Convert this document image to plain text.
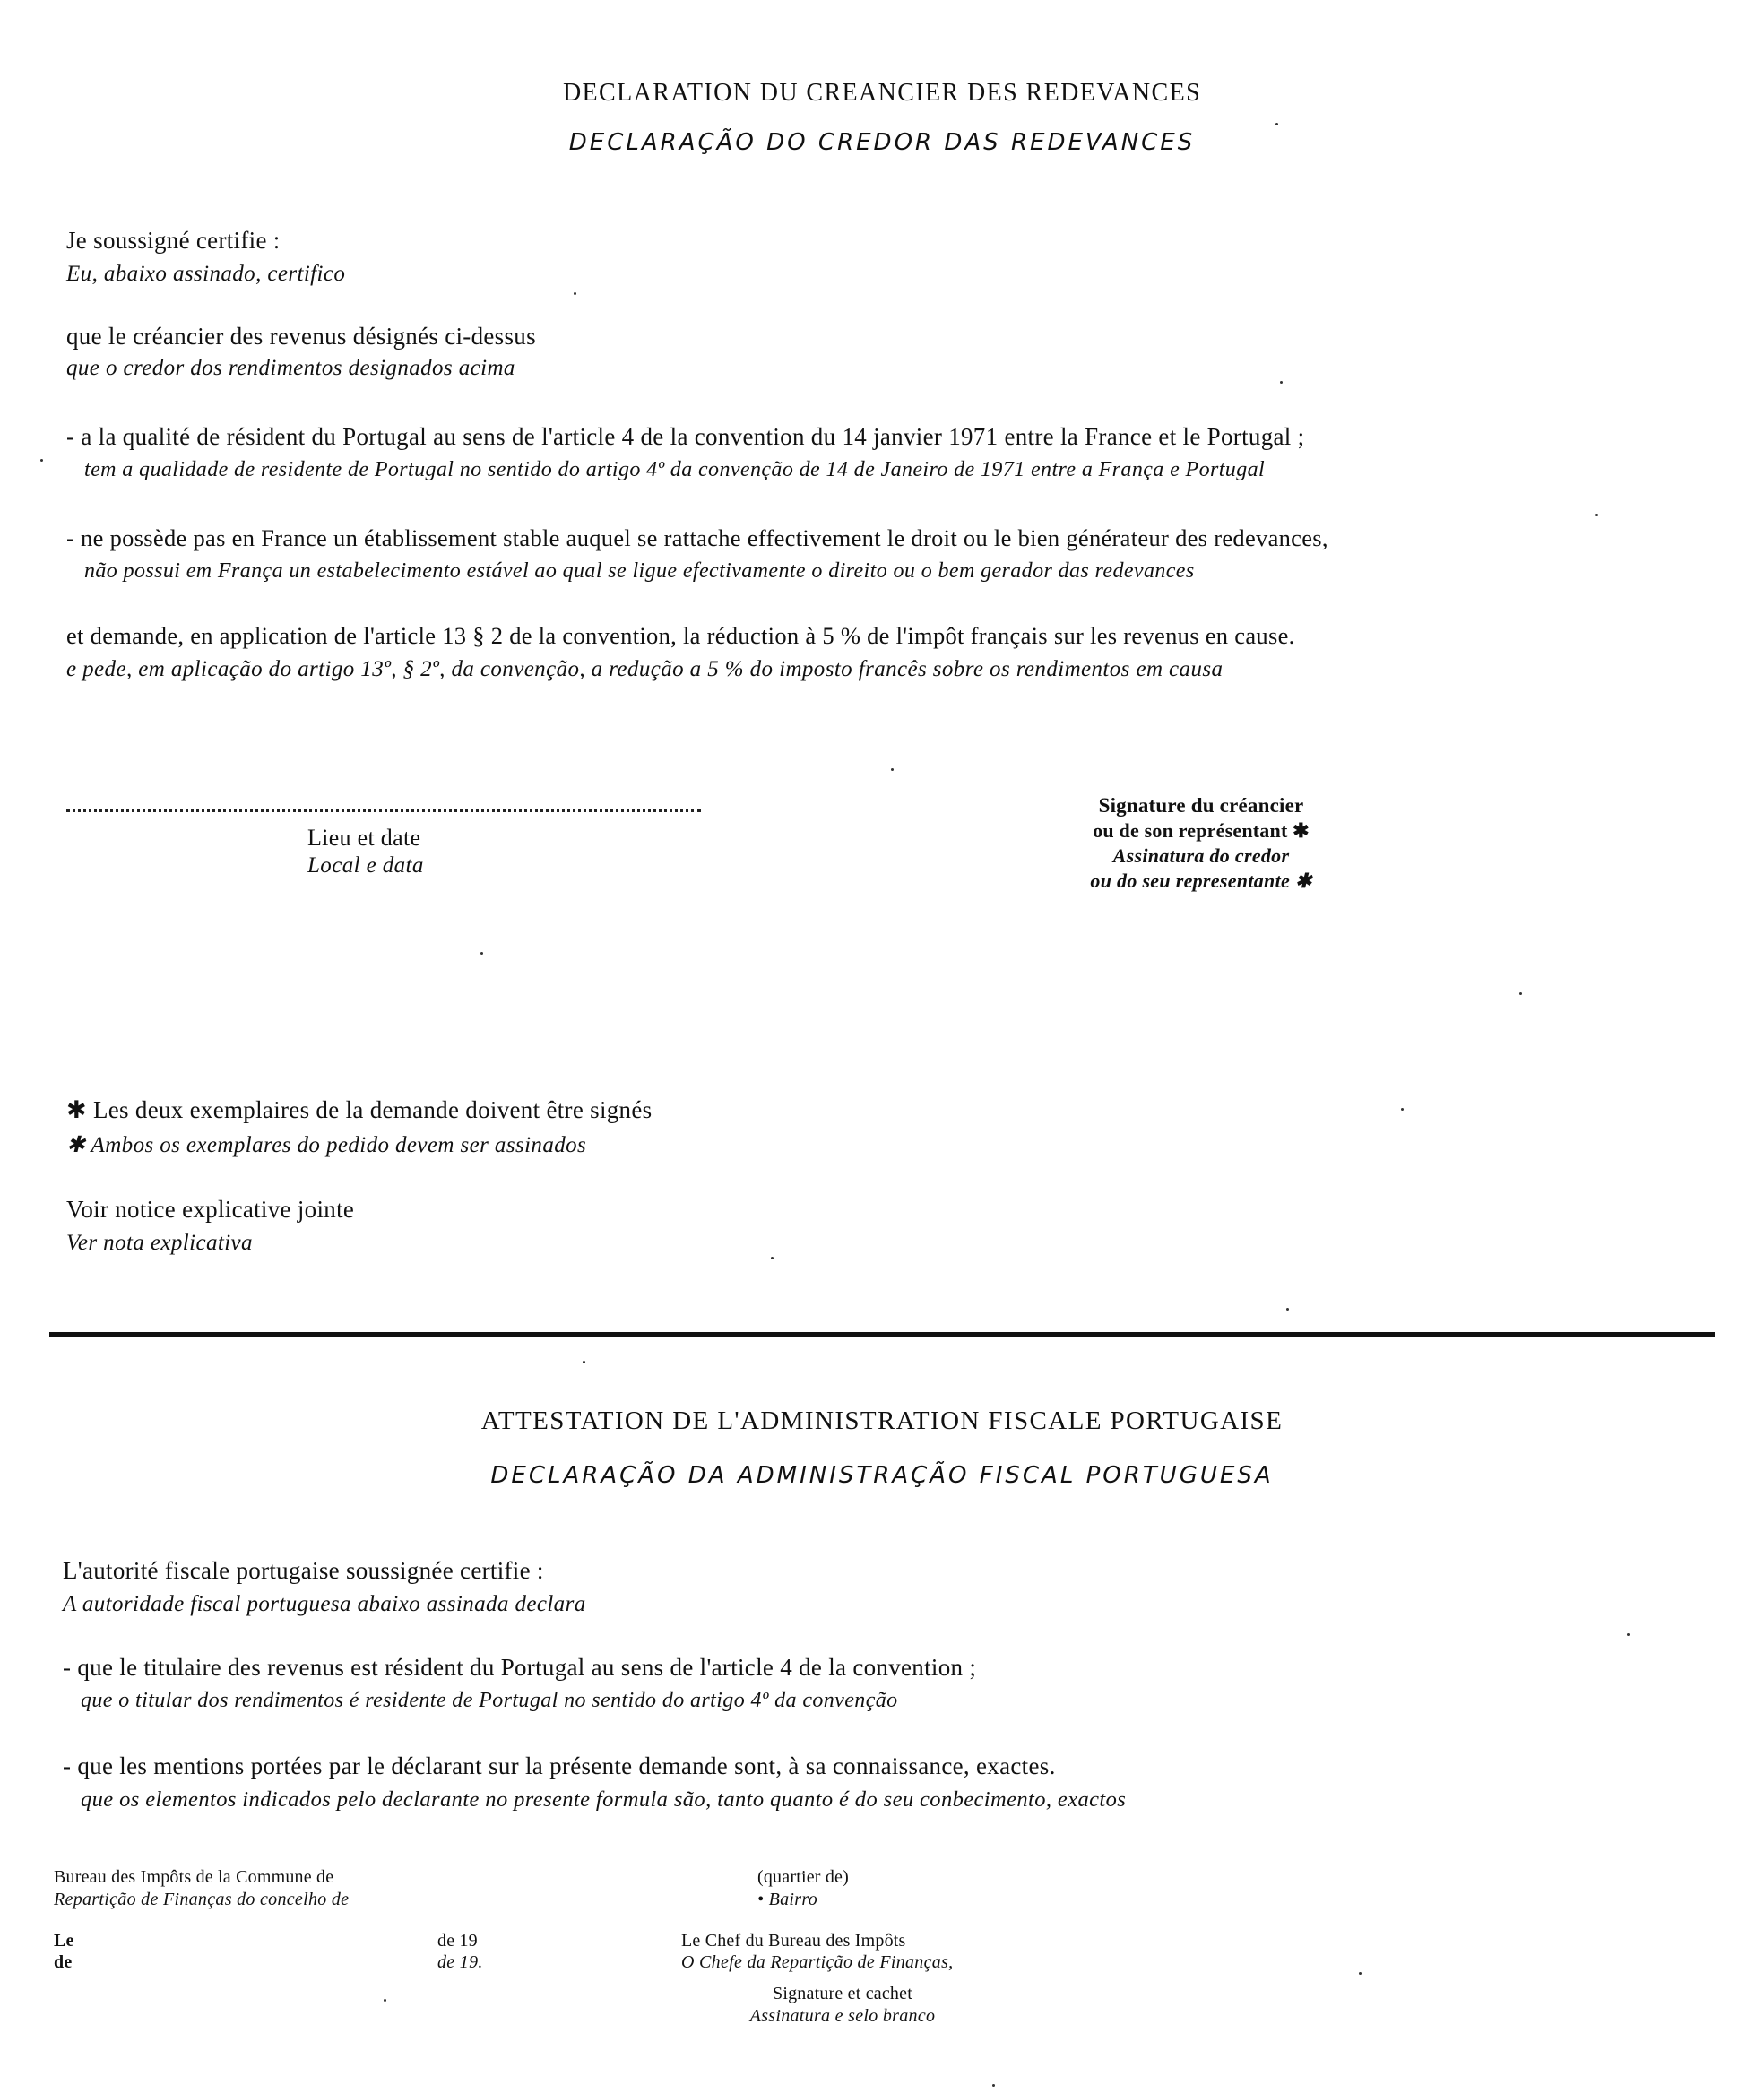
DECLARATION DU CREANCIER DES REDEVANCES
DECLARAÇÃO DO CREDOR DAS REDEVANCES
Je soussigné certifie :
Eu, abaixo assinado, certifico
que le créancier des revenus désignés ci-dessus
que o credor dos rendimentos designados acima
- a la qualité de résident du Portugal au sens de l'article 4 de la convention du 14 janvier 1971 entre la France et le Portugal ;
tem a qualidade de residente de Portugal no sentido do artigo 4º da convenção de 14 de Janeiro de 1971 entre a França e Portugal
- ne possède pas en France un établissement stable auquel se rattache effectivement le droit ou le bien générateur des redevances,
não possui em França un estabelecimento estável ao qual se ligue efectivamente o direito ou o bem gerador das redevances
et demande, en application de l'article 13 § 2 de la convention, la réduction à 5 % de l'impôt français sur les revenus en cause.
e pede, em aplicação do artigo 13º, § 2º, da convenção, a redução a 5 % do imposto francês sobre os rendimentos em causa
Lieu et date
Local e data
Signature du créancier
ou de son représentant ✱
Assinatura do credor
ou do seu representante ✱
✱ Les deux exemplaires de la demande doivent être signés
✱ Ambos os exemplares do pedido devem ser assinados
Voir notice explicative jointe
Ver nota explicativa
ATTESTATION DE L'ADMINISTRATION FISCALE PORTUGAISE
DECLARAÇÃO DA ADMINISTRAÇÃO FISCAL PORTUGUESA
L'autorité fiscale portugaise soussignée certifie :
A autoridade fiscal portuguesa abaixo assinada declara
- que le titulaire des revenus est résident du Portugal au sens de l'article 4 de la convention ;
que o titular dos rendimentos é residente de Portugal no sentido do artigo 4º da convenção
- que les mentions portées par le déclarant sur la présente demande sont, à sa connaissance, exactes.
que os elementos indicados pelo declarante no presente formula são, tanto quanto é do seu conbecimento, exactos
Bureau des Impôts de la Commune de
Repartição de Finanças do concelho de
(quartier de)
• Bairro
Le
de
de 19
de 19.
Le Chef du Bureau des Impôts
O Chefe da Repartição de Finanças,
Signature et cachet
Assinatura e selo branco
